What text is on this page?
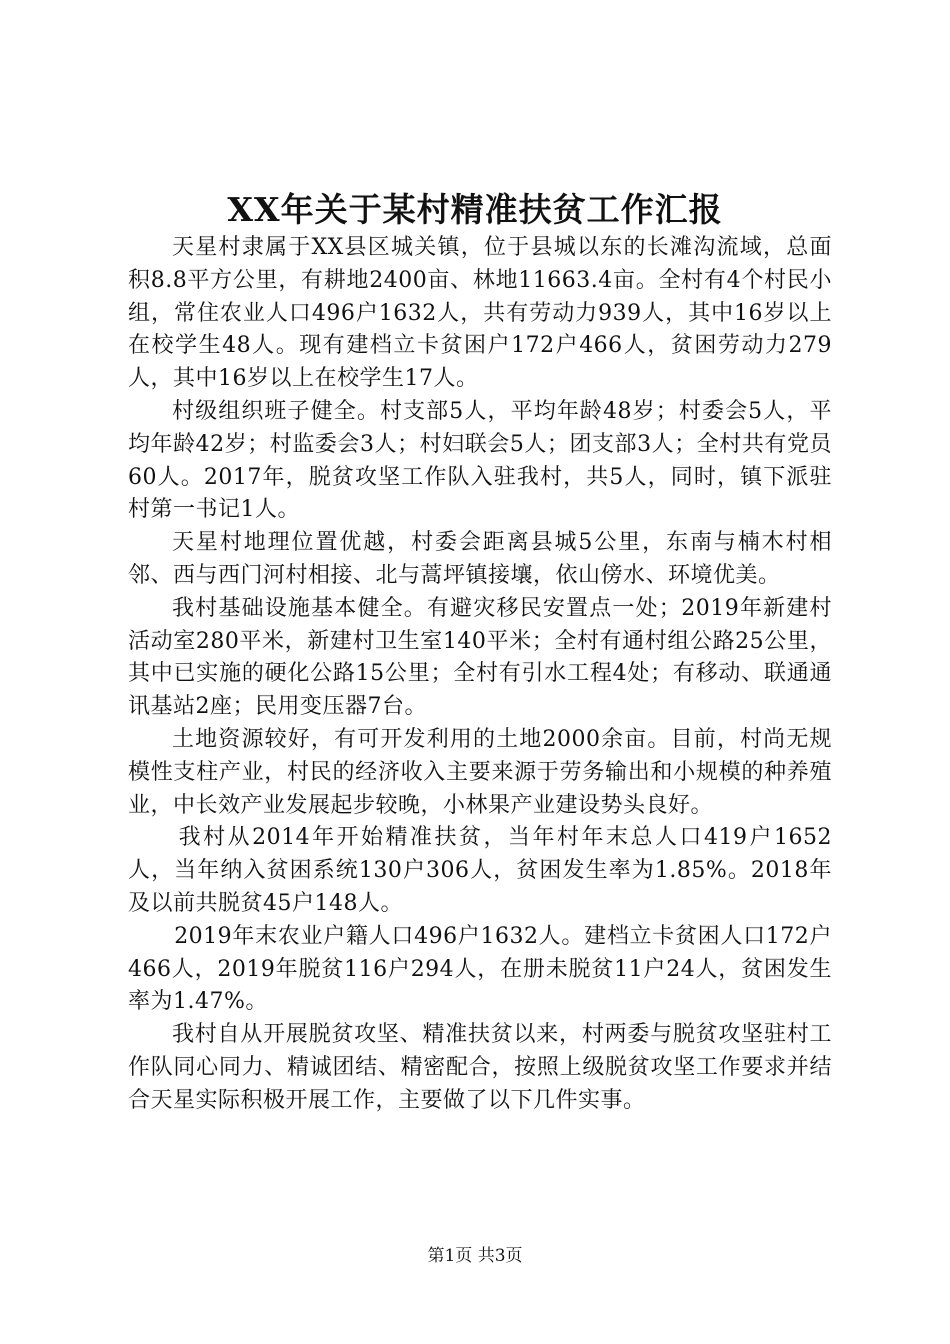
XX年关于某村精准扶贫工作汇报

天星村隶属于XX县区城关镇，位于县城以东的长滩沟流域，总面积8.8平方公里，有耕地2400亩、林地11663.4亩。全村有4个村民小组，常住农业人口496户1632人，共有劳动力939人，其中16岁以上在校学生48人。现有建档立卡贫困户172户466人，贫困劳动力279人，其中16岁以上在校学生17人。

村级组织班子健全。村支部5人，平均年龄48岁；村委会5人，平均年龄42岁；村监委会3人；村妇联会5人；团支部3人；全村共有党员60人。2017年，脱贫攻坚工作队入驻我村，共5人，同时，镇下派驻村第一书记1人。

天星村地理位置优越，村委会距离县城5公里，东南与楠木村相邻、西与西门河村相接、北与蒿坪镇接壤，依山傍水、环境优美。

我村基础设施基本健全。有避灾移民安置点一处；2019年新建村活动室280平米，新建村卫生室140平米；全村有通村组公路25公里，其中已实施的硬化公路15公里；全村有引水工程4处；有移动、联通通讯基站2座；民用变压器7台。

土地资源较好，有可开发利用的土地2000余亩。目前，村尚无规模性支柱产业，村民的经济收入主要来源于劳务输出和小规模的种养殖业，中长效产业发展起步较晚，小林果产业建设势头良好。

我村从2014年开始精准扶贫，当年村年末总人口419户1652人，当年纳入贫困系统130户306人，贫困发生率为1.85%。2018年及以前共脱贫45户148人。

2019年末农业户籍人口496户1632人。建档立卡贫困人口172户466人，2019年脱贫116户294人，在册未脱贫11户24人，贫困发生率为1.47%。

我村自从开展脱贫攻坚、精准扶贫以来，村两委与脱贫攻坚驻村工作队同心同力、精诚团结、精密配合，按照上级脱贫攻坚工作要求并结合天星实际积极开展工作，主要做了以下几件实事。

第1页 共3页
